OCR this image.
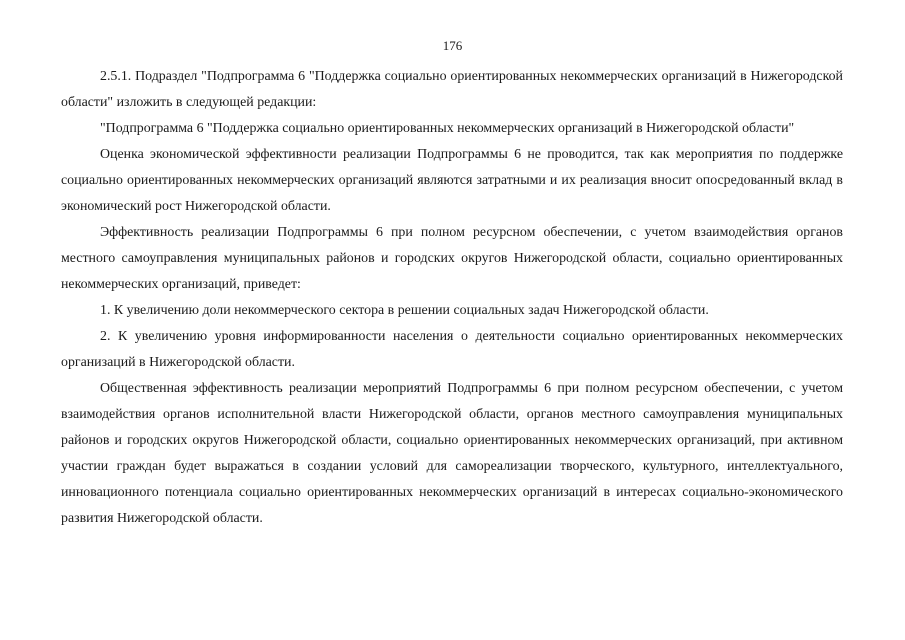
176

2.5.1. Подраздел "Подпрограмма 6 "Поддержка социально ориентированных некоммерческих организаций в Нижегородской области" изложить в следующей редакции:

"Подпрограмма 6 "Поддержка социально ориентированных некоммерческих организаций в Нижегородской области"

Оценка экономической эффективности реализации Подпрограммы 6 не проводится, так как мероприятия по поддержке социально ориентированных некоммерческих организаций являются затратными и их реализация вносит опосредованный вклад в экономический рост Нижегородской области.

Эффективность реализации Подпрограммы 6 при полном ресурсном обеспечении, с учетом взаимодействия органов местного самоуправления муниципальных районов и городских округов Нижегородской области, социально ориентированных некоммерческих организаций, приведет:

1. К увеличению доли некоммерческого сектора в решении социальных задач Нижегородской области.

2. К увеличению уровня информированности населения о деятельности социально ориентированных некоммерческих организаций в Нижегородской области.

Общественная эффективность реализации мероприятий Подпрограммы 6 при полном ресурсном обеспечении, с учетом взаимодействия органов исполнительной власти Нижегородской области, органов местного самоуправления муниципальных районов и городских округов Нижегородской области, социально ориентированных некоммерческих организаций, при активном участии граждан будет выражаться в создании условий для самореализации творческого, культурного, интеллектуального, инновационного потенциала социально ориентированных некоммерческих организаций в интересах социально-экономического развития Нижегородской области.
